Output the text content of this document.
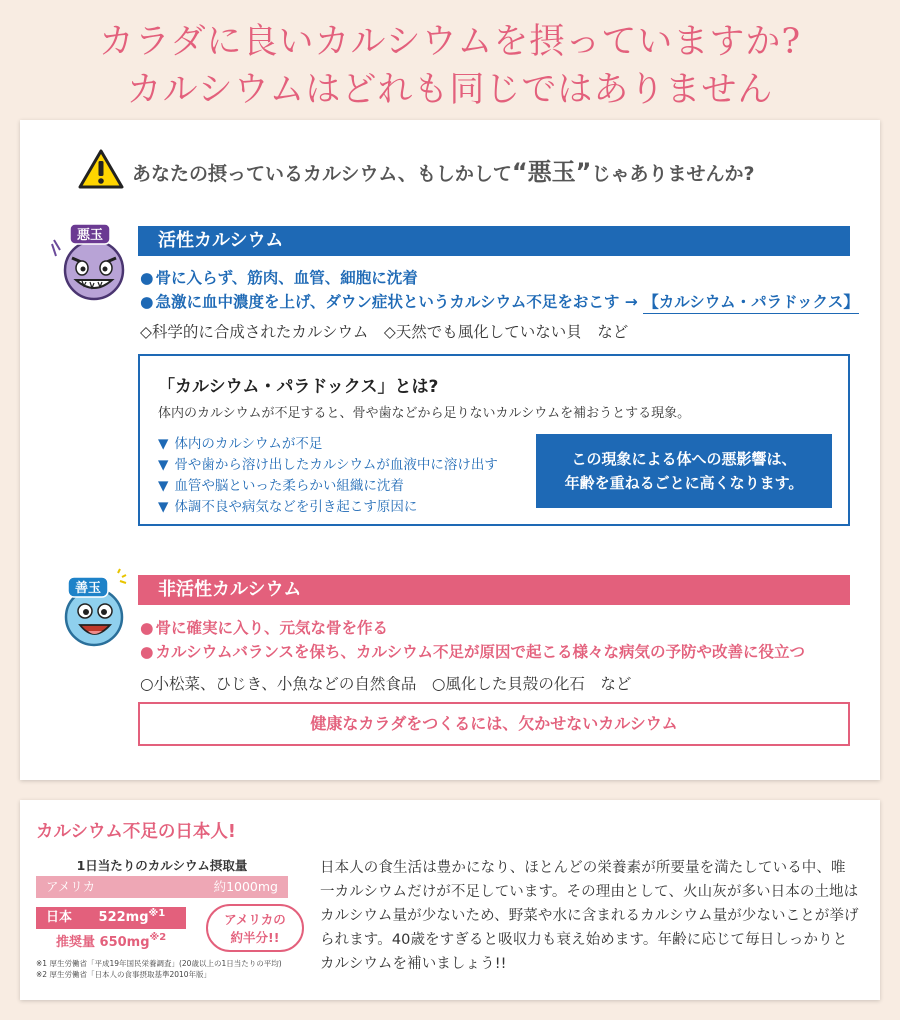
カラダに良いカルシウムを摂っていますか?
カルシウムはどれも同じではありません
あなたの摂っているカルシウム、もしかして“悪玉”じゃありませんか?
悪玉	活性カルシウム
● 骨に入らず、筋肉、血管、細胞に沈着
● 急激に血中濃度を上げ、ダウン症状というカルシウム不足をおこす → 【カルシウム・パラドックス】
◇科学的に合成されたカルシウム　◇天然でも風化していない貝　など
「カルシウム・パラドックス」とは?
体内のカルシウムが不足すると、骨や歯などから足りないカルシウムを補おうとする現象。
▼ 体内のカルシウムが不足
▼ 骨や歯から溶け出したカルシウムが血液中に溶け出す
▼ 血管や脳といった柔らかい組織に沈着
▼ 体調不良や病気などを引き起こす原因に
この現象による体への悪影響は、
年齢を重ねるごとに高くなります。
善玉	非活性カルシウム
● 骨に確実に入り、元気な骨を作る
● カルシウムバランスを保ち、カルシウム不足が原因で起こる様々な病気の予防や改善に役立つ
○小松菜、ひじき、小魚などの自然食品　○風化した貝殻の化石　など
健康なカラダをつくるには、欠かせないカルシウム
カルシウム不足の日本人!
1日当たりのカルシウム摂取量
アメリカ	約1000mg
日本 $522mg^{※1}$
推奨量 $650mg^{※2}$
アメリカの
約半分!!
※1 厚生労働省「平成19年国民栄養調査」(20歳以上の1日当たりの平均)
※2 厚生労働省「日本人の食事摂取基準2010年版」
日本人の食生活は豊かになり、ほとんどの栄養素が所要量を満たしている中、唯一カルシウムだけが不足しています。その理由として、火山灰が多い日本の土地はカルシウム量が少ないため、野菜や水に含まれるカルシウム量が少ないことが挙げられます。40歳をすぎると吸収力も衰え始めます。年齢に応じて毎日しっかりとカルシウムを補いましょう!!
